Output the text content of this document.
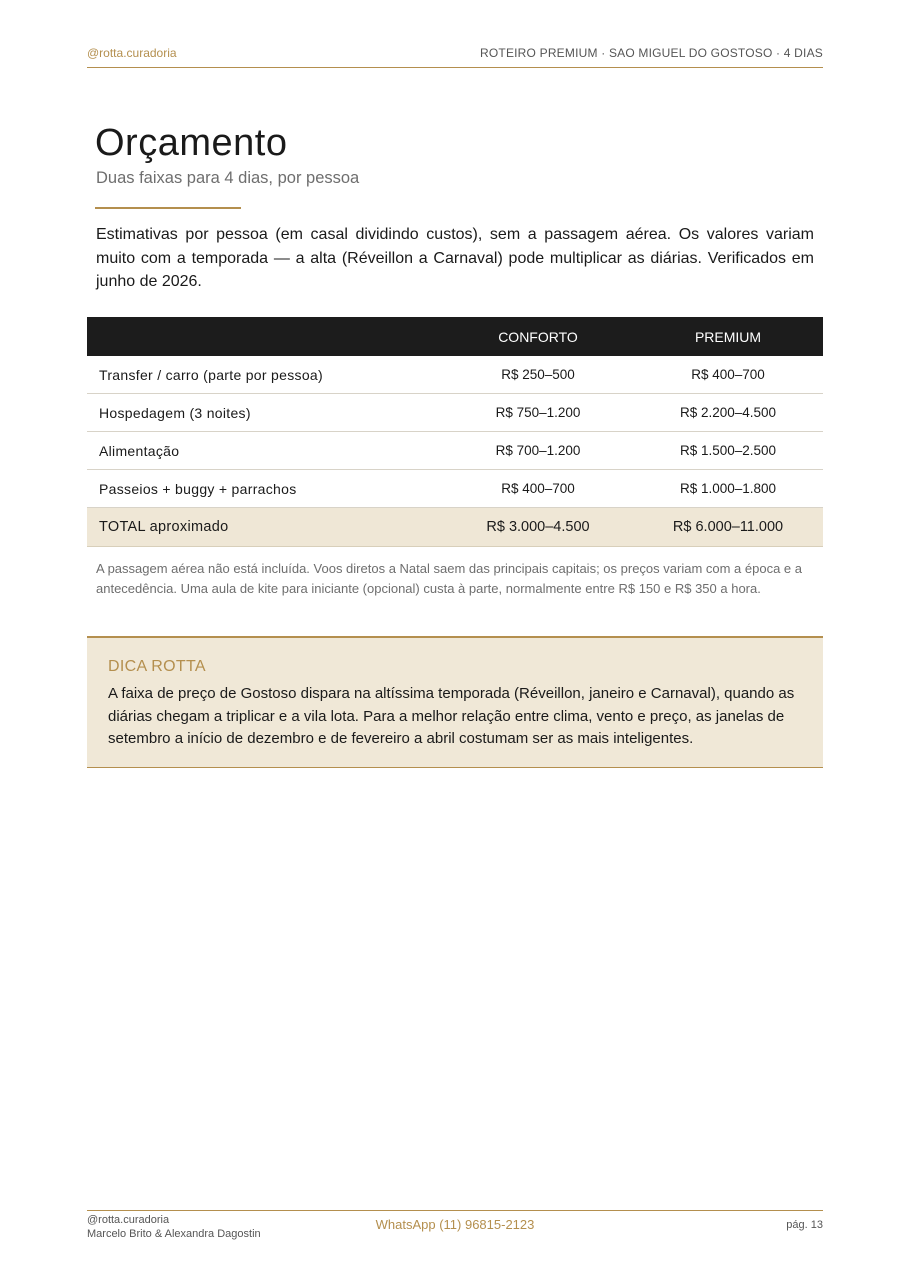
@rotta.curadoria	ROTEIRO PREMIUM · SAO MIGUEL DO GOSTOSO · 4 DIAS
Orçamento
Duas faixas para 4 dias, por pessoa

Estimativas por pessoa (em casal dividindo custos), sem a passagem aérea. Os valores variam muito com a temporada — a alta (Réveillon a Carnaval) pode multiplicar as diárias. Verificados em junho de 2026.

	CONFORTO	PREMIUM
Transfer / carro (parte por pessoa)	R$ 250–500	R$ 400–700
Hospedagem (3 noites)	R$ 750–1.200	R$ 2.200–4.500
Alimentação	R$ 700–1.200	R$ 1.500–2.500
Passeios + buggy + parrachos	R$ 400–700	R$ 1.000–1.800
TOTAL aproximado	R$ 3.000–4.500	R$ 6.000–11.000

A passagem aérea não está incluída. Voos diretos a Natal saem das principais capitais; os preços variam com a época e a antecedência. Uma aula de kite para iniciante (opcional) custa à parte, normalmente entre R$ 150 e R$ 350 a hora.

DICA ROTTA

A faixa de preço de Gostoso dispara na altíssima temporada (Réveillon, janeiro e Carnaval), quando as diárias chegam a triplicar e a vila lota. Para a melhor relação entre clima, vento e preço, as janelas de setembro a início de dezembro e de fevereiro a abril costumam ser as mais inteligentes.

@rotta.curadoria
Marcelo Brito & Alexandra Dagostin
WhatsApp (11) 96815-2123	pág. 13
